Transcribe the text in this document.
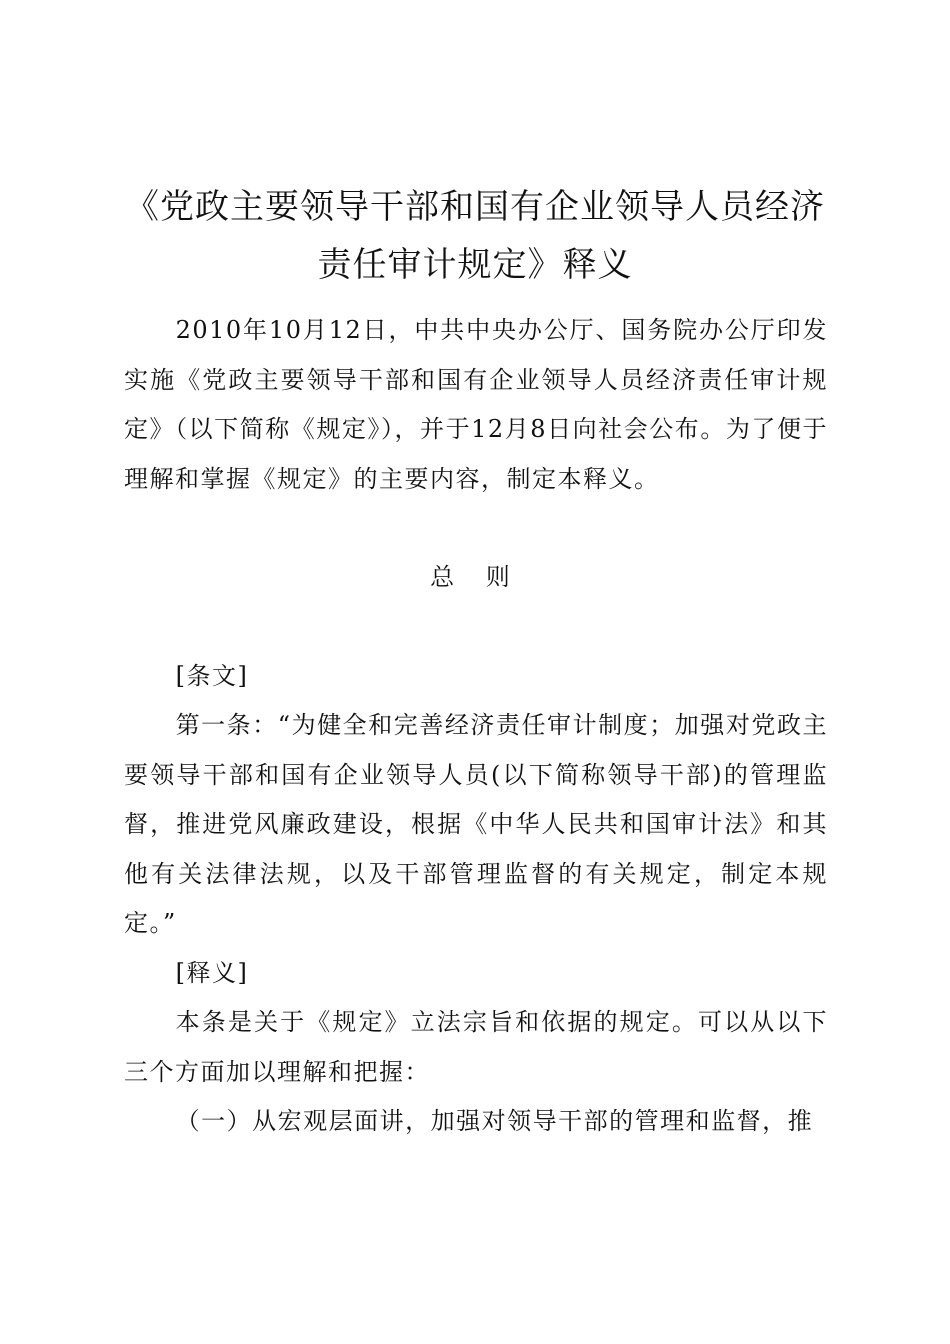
《党政主要领导干部和国有企业领导人员经济
责任审计规定》释义

2010年10月12日，中共中央办公厅、国务院办公厅印发实施《党政主要领导干部和国有企业领导人员经济责任审计规定》（以下简称《规定》），并于12月8日向社会公布。为了便于理解和掌握《规定》的主要内容，制定本释义。

总 则

[条文]

第一条：“为健全和完善经济责任审计制度；加强对党政主要领导干部和国有企业领导人员(以下简称领导干部)的管理监督，推进党风廉政建设，根据《中华人民共和国审计法》和其他有关法律法规，以及干部管理监督的有关规定，制定本规定。”

[释义]

本条是关于《规定》立法宗旨和依据的规定。可以从以下三个方面加以理解和把握：

（一）从宏观层面讲，加强对领导干部的管理和监督，推
